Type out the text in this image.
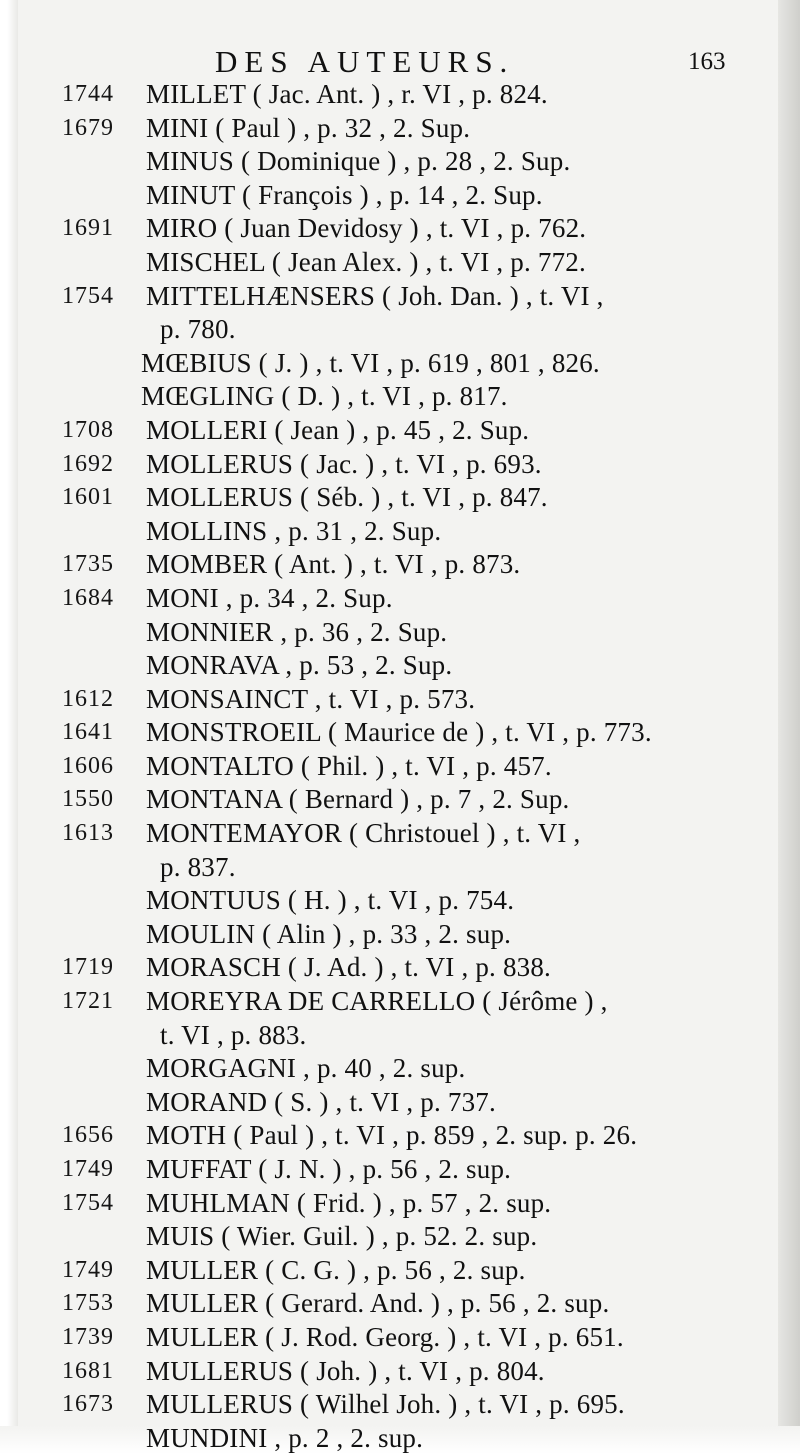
DES AUTEURS.	163
1744 MILLET ( Jac. Ant. ) , r. VI , p. 824.
1679 MINI ( Paul ) , p. 32 , 2. Sup.
MINUS ( Dominique ) , p. 28 , 2. Sup.
MINUT ( François ) , p. 14 , 2. Sup.
1691 MIRO ( Juan Devidosy ) , t. VI , p. 762.
MISCHEL ( Jean Alex. ) , t. VI , p. 772.
1754 MITTELHÆNSERS ( Joh. Dan. ) , t. VI ,
p. 780.
MŒBIUS ( J. ) , t. VI , p. 619 , 801 , 826.
MŒGLING ( D. ) , t. VI , p. 817.
1708 MOLLERI ( Jean ) , p. 45 , 2. Sup.
1692 MOLLERUS ( Jac. ) , t. VI , p. 693.
1601 MOLLERUS ( Séb. ) , t. VI , p. 847.
MOLLINS , p. 31 , 2. Sup.
1735 MOMBER ( Ant. ) , t. VI , p. 873.
1684 MONI , p. 34 , 2. Sup.
MONNIER , p. 36 , 2. Sup.
MONRAVA , p. 53 , 2. Sup.
1612 MONSAINCT , t. VI , p. 573.
1641 MONSTROEIL ( Maurice de ) , t. VI , p. 773.
1606 MONTALTO ( Phil. ) , t. VI , p. 457.
1550 MONTANA ( Bernard ) , p. 7 , 2. Sup.
1613 MONTEMAYOR ( Christouel ) , t. VI ,
p. 837.
MONTUUS ( H. ) , t. VI , p. 754.
MOULIN ( Alin ) , p. 33 , 2. sup.
1719 MORASCH ( J. Ad. ) , t. VI , p. 838.
1721 MOREYRA DE CARRELLO ( Jérôme ) ,
t. VI , p. 883.
MORGAGNI , p. 40 , 2. sup.
MORAND ( S. ) , t. VI , p. 737.
1656 MOTH ( Paul ) , t. VI , p. 859 , 2. sup. p. 26.
1749 MUFFAT ( J. N. ) , p. 56 , 2. sup.
1754 MUHLMAN ( Frid. ) , p. 57 , 2. sup.
MUIS ( Wier. Guil. ) , p. 52. 2. sup.
1749 MULLER ( C. G. ) , p. 56 , 2. sup.
1753 MULLER ( Gerard. And. ) , p. 56 , 2. sup.
1739 MULLER ( J. Rod. Georg. ) , t. VI , p. 651.
1681 MULLERUS ( Joh. ) , t. VI , p. 804.
1673 MULLERUS ( Wilhel Joh. ) , t. VI , p. 695.
MUNDINI , p. 2 , 2. sup.
